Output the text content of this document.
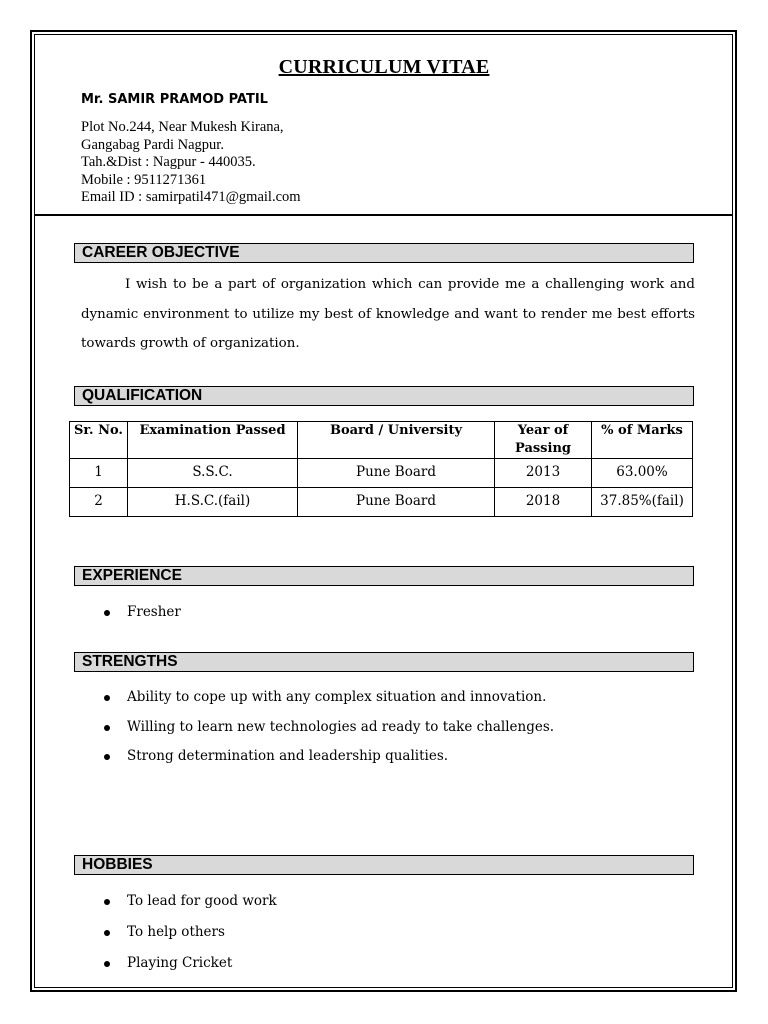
CURRICULUM VITAE
Mr. SAMIR PRAMOD PATIL
Plot No.244, Near Mukesh Kirana,
Gangabag Pardi Nagpur.
Tah.&Dist : Nagpur - 440035.
Mobile : 9511271361
Email ID : samirpatil471@gmail.com
CAREER OBJECTIVE
I wish to be a part of organization which can provide me a challenging work and dynamic environment to utilize my best of knowledge and want to render me best efforts towards growth of organization.
QUALIFICATION
Sr. No.	Examination Passed	Board / University	Year of Passing	% of Marks
1	S.S.C.	Pune Board	2013	63.00%
2	H.S.C.(fail)	Pune Board	2018	37.85%(fail)
EXPERIENCE
Fresher
STRENGTHS
Ability to cope up with any complex situation and innovation.
Willing to learn new technologies ad ready to take challenges.
Strong determination and leadership qualities.
HOBBIES
To lead for good work
To help others
Playing Cricket
